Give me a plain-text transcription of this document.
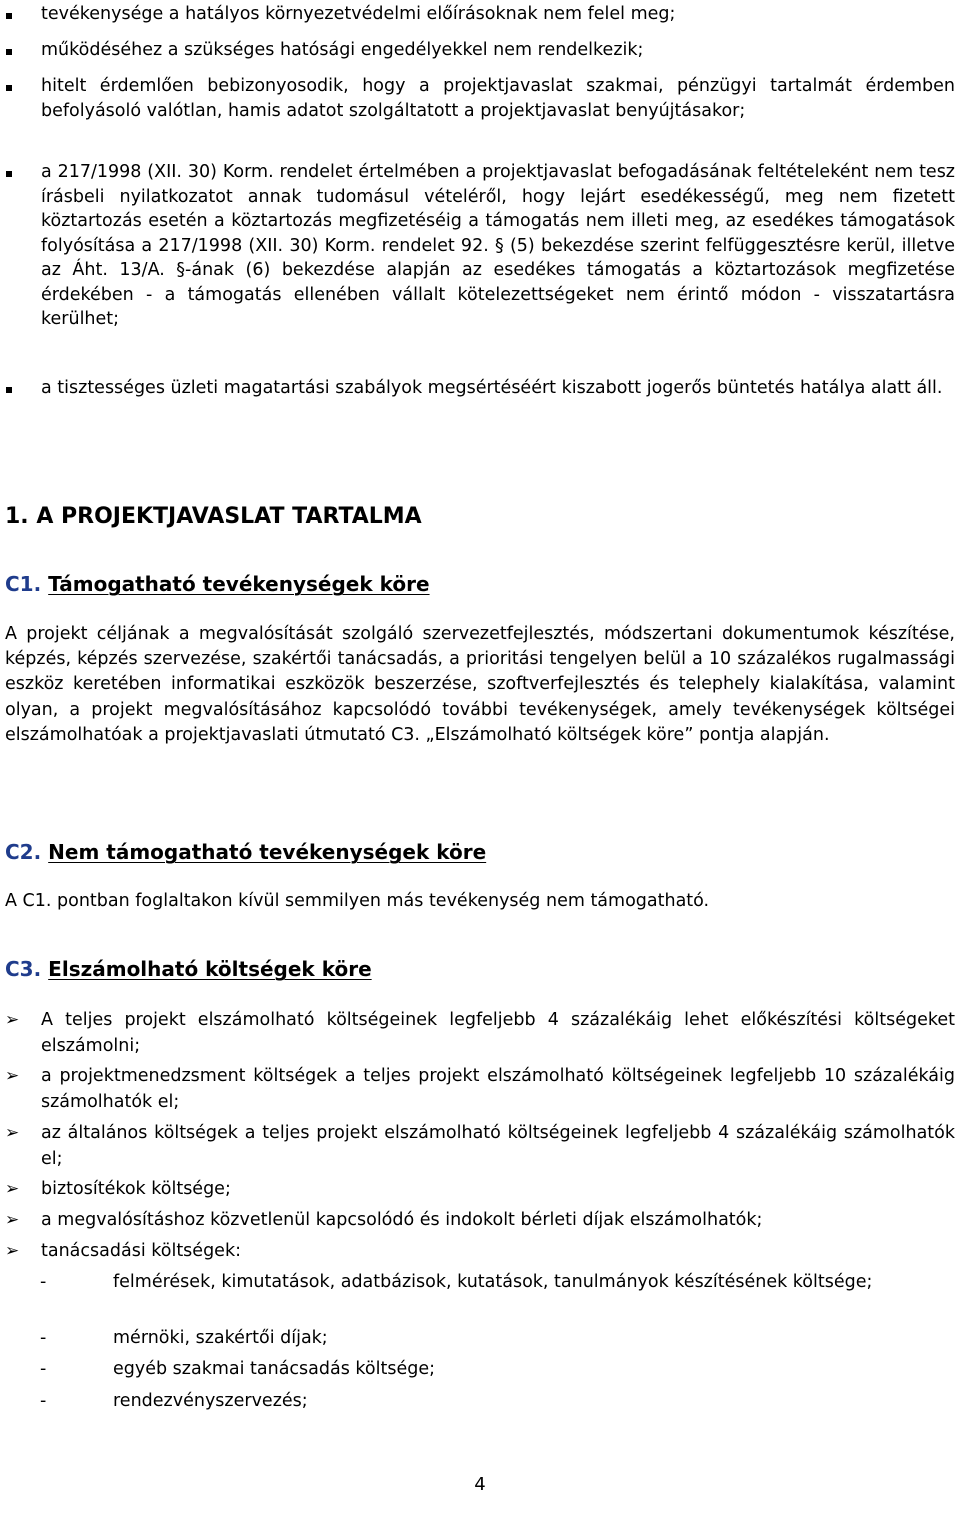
tevékenysége a hatályos környezetvédelmi előírásoknak nem felel meg;
működéséhez a szükséges hatósági engedélyekkel nem rendelkezik;
hitelt érdemlően bebizonyosodik, hogy a projektjavaslat szakmai, pénzügyi tartalmát érdemben befolyásoló valótlan, hamis adatot szolgáltatott a projektjavaslat benyújtásakor;
a 217/1998 (XII. 30) Korm. rendelet értelmében a projektjavaslat befogadásának feltételeként nem tesz írásbeli nyilatkozatot annak tudomásul vételéről, hogy lejárt esedékességű, meg nem fizetett köztartozás esetén a köztartozás megfizetéséig a támogatás nem illeti meg, az esedékes támogatások folyósítása a 217/1998 (XII. 30) Korm. rendelet 92. § (5) bekezdése szerint felfüggesztésre kerül, illetve az Áht. 13/A. §-ának (6) bekezdése alapján az esedékes támogatás a köztartozások megfizetése érdekében - a támogatás ellenében vállalt kötelezettségeket nem érintő módon - visszatartásra kerülhet;
a tisztességes üzleti magatartási szabályok megsértéséért kiszabott jogerős büntetés hatálya alatt áll.
1. A PROJEKTJAVASLAT TARTALMA
C1. Támogatható tevékenységek köre

A projekt céljának a megvalósítását szolgáló szervezetfejlesztés, módszertani dokumentumok készítése, képzés, képzés szervezése, szakértői tanácsadás, a prioritási tengelyen belül a 10 százalékos rugalmassági eszköz keretében informatikai eszközök beszerzése, szoftverfejlesztés és telephely kialakítása, valamint olyan, a projekt megvalósításához kapcsolódó további tevékenységek, amely tevékenységek költségei elszámolhatóak a projektjavaslati útmutató C3. „Elszámolható költségek köre” pontja alapján.

C2. Nem támogatható tevékenységek köre

A C1. pontban foglaltakon kívül semmilyen más tevékenység nem támogatható.

C3. Elszámolható költségek köre
➢	A teljes projekt elszámolható költségeinek legfeljebb 4 százalékáig lehet előkészítési költségeket elszámolni;
➢	a projektmenedzsment költségek a teljes projekt elszámolható költségeinek legfeljebb 10 százalékáig számolhatók el;
➢	az általános költségek a teljes projekt elszámolható költségeinek legfeljebb 4 százalékáig számolhatók el;
➢	biztosítékok költsége;
➢	a megvalósításhoz közvetlenül kapcsolódó és indokolt bérleti díjak elszámolhatók;
➢	tanácsadási költségek:
-	felmérések, kimutatások, adatbázisok, kutatások, tanulmányok készítésének költsége;
-	mérnöki, szakértői díjak;
-	egyéb szakmai tanácsadás költsége;
-	rendezvényszervezés;
4
